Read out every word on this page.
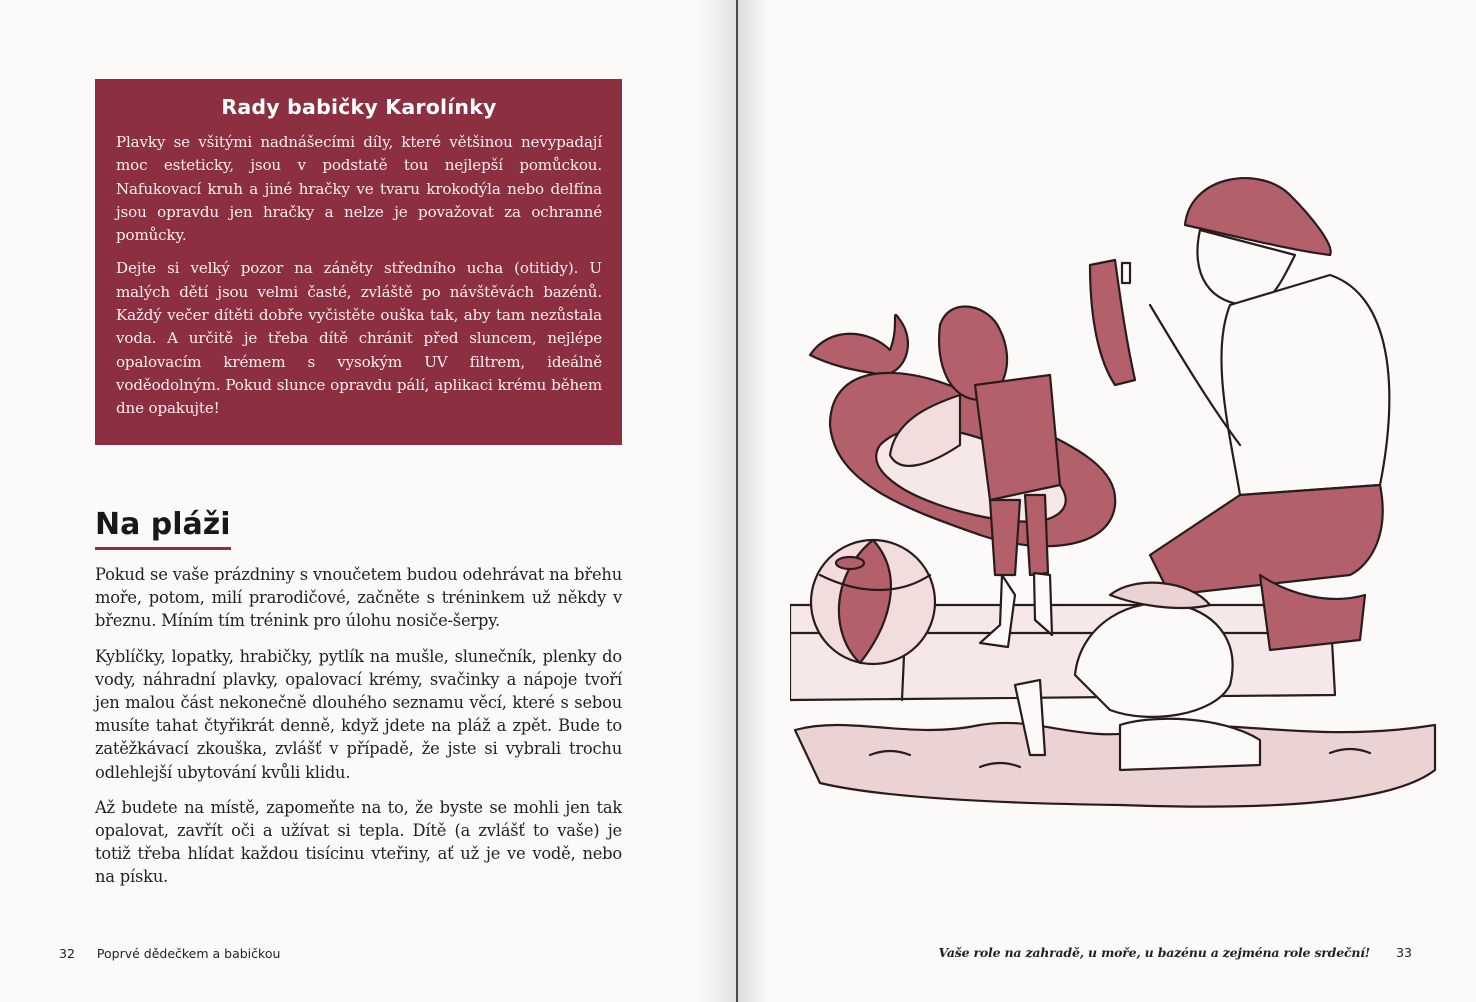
Rady babičky Karolínky

Plavky se všitými nadnášecími díly, které většinou nevypadají moc esteticky, jsou v podstatě tou nejlepší pomůckou. Nafukovací kruh a jiné hračky ve tvaru krokodýla nebo delfína jsou opravdu jen hračky a nelze je považovat za ochranné pomůcky.

Dejte si velký pozor na záněty středního ucha (otitidy). U malých dětí jsou velmi časté, zvláště po návštěvách bazénů. Každý večer dítěti dobře vyčistěte ouška tak, aby tam nezůstala voda. A určitě je třeba dítě chránit před sluncem, nejlépe opalovacím krémem s vysokým UV filtrem, ideálně voděodolným. Pokud slunce opravdu pálí, aplikaci krému během dne opakujte!

Na pláži

Pokud se vaše prázdniny s vnoučetem budou odehrávat na břehu moře, potom, milí prarodičové, začněte s tréninkem už někdy v březnu. Míním tím trénink pro úlohu nosiče-šerpy.

Kyblíčky, lopatky, hrabičky, pytlík na mušle, slunečník, plenky do vody, náhradní plavky, opalovací krémy, svačinky a nápoje tvoří jen malou část nekonečně dlouhého seznamu věcí, které s sebou musíte tahat čtyřikrát denně, když jdete na pláž a zpět. Bude to zatěžkávací zkouška, zvlášť v případě, že jste si vybrali trochu odlehlejší ubytování kvůli klidu.

Až budete na místě, zapomeňte na to, že byste se mohli jen tak opalovat, zavřít oči a užívat si tepla. Dítě (a zvlášť to vaše) je totiž třeba hlídat každou tisícinu vteřiny, ať už je ve vodě, nebo na písku.

32 Poprvé dědečkem a babičkou	Vaše role na zahradě, u moře, u bazénu a zejména role srdeční! 33
